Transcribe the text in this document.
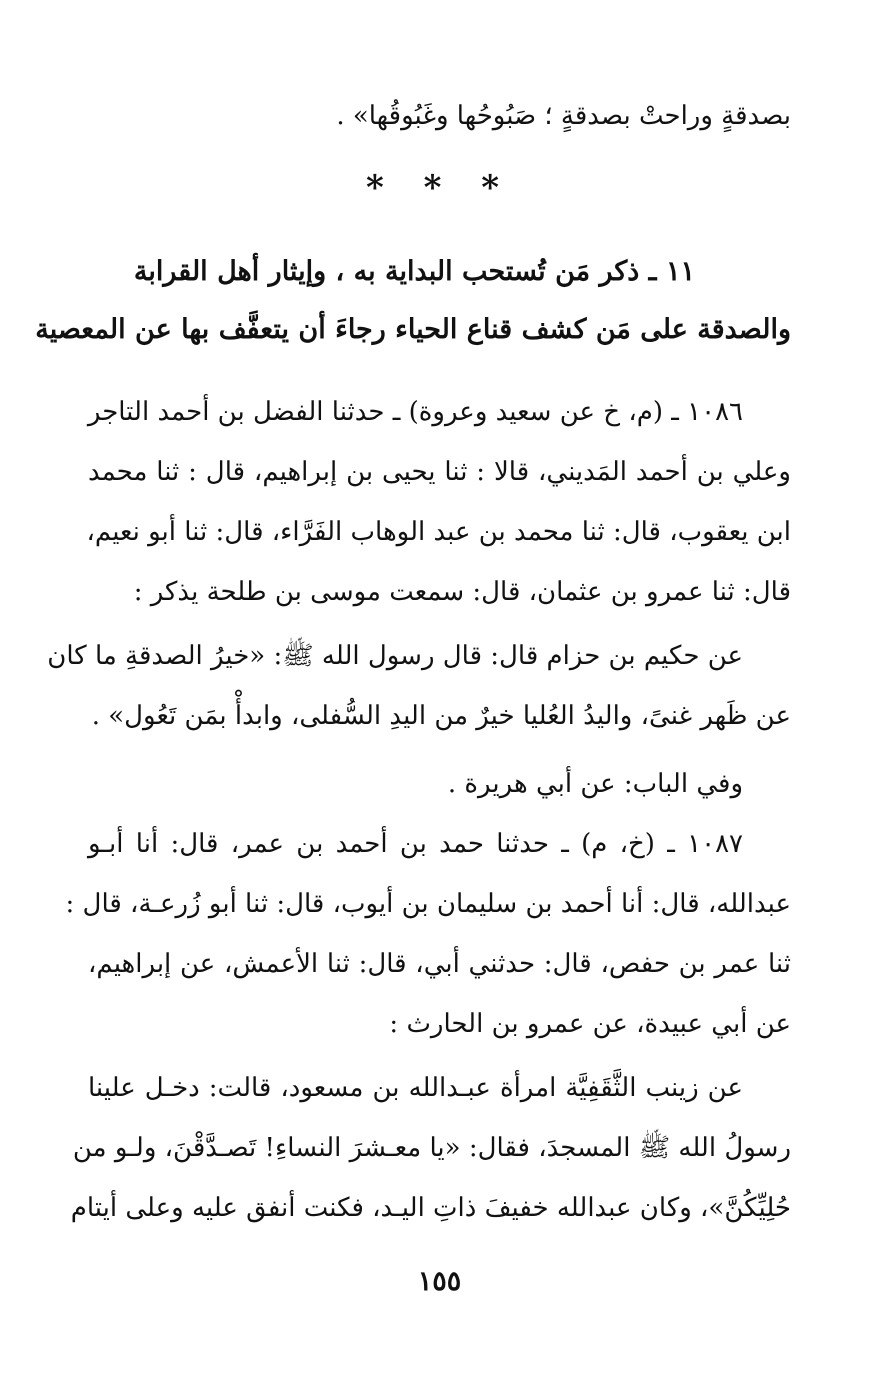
بصدقةٍ وراحتْ بصدقةٍ ؛ صَبُوحُها وغَبُوقُها» .
* * *
١١ ـ ذكر مَن تُستحب البداية به ، وإيثار أهل القرابة
والصدقة على مَن كشف قناع الحياء رجاءَ أن يتعفَّف بها عن المعصية
١٠٨٦ ـ (م، خ عن سعيد وعروة) ـ حدثنا الفضل بن أحمد التاجر
وعلي بن أحمد المَديني، قالا : ثنا يحيى بن إبراهيم، قال : ثنا محمد
ابن يعقوب، قال: ثنا محمد بن عبد الوهاب الفَرَّاء، قال: ثنا أبو نعيم،
قال: ثنا عمرو بن عثمان، قال: سمعت موسى بن طلحة يذكر :
عن حكيم بن حزام قال: قال رسول الله ﷺ: «خيرُ الصدقةِ ما كان
عن ظَهر غنىً، واليدُ العُليا خيرٌ من اليدِ السُّفلى، وابدأْ بمَن تَعُول» .
وفي الباب: عن أبي هريرة .
١٠٨٧ ـ (خ، م) ـ حدثنا حمد بن أحمد بن عمر، قال: أنا أبـو
عبدالله، قال: أنا أحمد بن سليمان بن أيوب، قال: ثنا أبو زُرعـة، قال :
ثنا عمر بن حفص، قال: حدثني أبي، قال: ثنا الأعمش، عن إبراهيم،
عن أبي عبيدة، عن عمرو بن الحارث :
عن زينب الثَّقَفِيَّة امرأة عبـدالله بن مسعود، قالت: دخـل علينا
رسولُ الله ﷺ المسجدَ، فقال: «يا معـشرَ النساءِ! تَصـدَّقْنَ، ولـو من
حُلِيِّكُنَّ»، وكان عبدالله خفيفَ ذاتِ اليـد، فكنت أنفق عليه وعلى أيتام
١٥٥
